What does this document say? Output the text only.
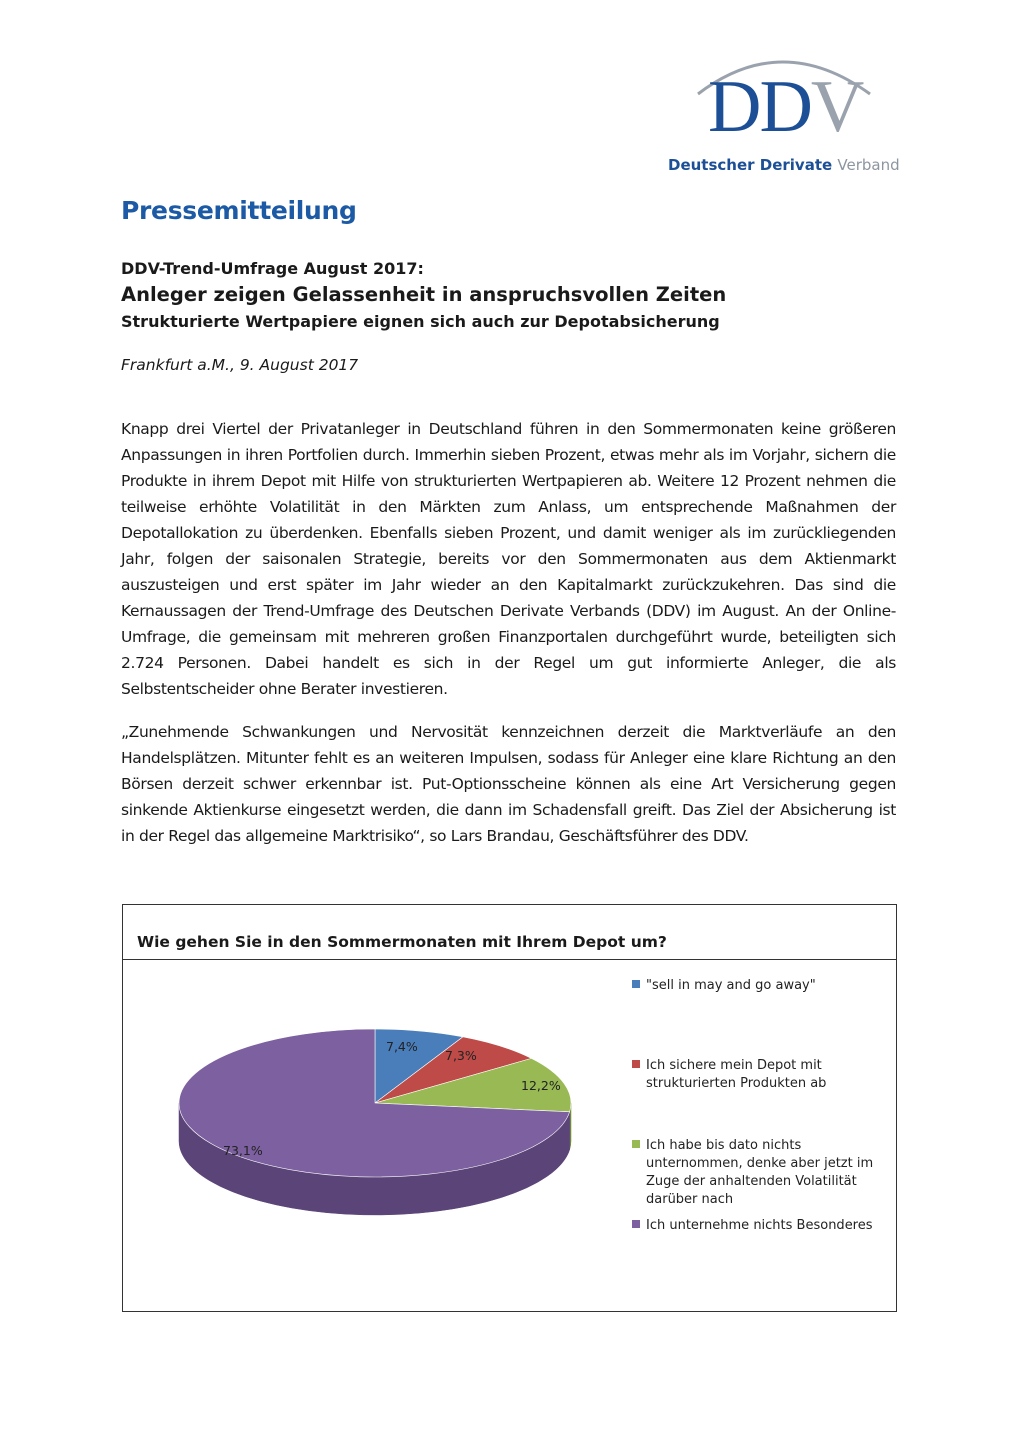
DDV
Deutscher Derivate Verband
Pressemitteilung
DDV-Trend-Umfrage August 2017:
Anleger zeigen Gelassenheit in anspruchsvollen Zeiten
Strukturierte Wertpapiere eignen sich auch zur Depotabsicherung
Frankfurt a.M., 9. August 2017

Knapp drei Viertel der Privatanleger in Deutschland führen in den Sommermonaten keine größeren Anpassungen in ihren Portfolien durch. Immerhin sieben Prozent, etwas mehr als im Vorjahr, sichern die Produkte in ihrem Depot mit Hilfe von strukturierten Wertpapieren ab. Weitere 12 Prozent nehmen die teilweise erhöhte Volatilität in den Märkten zum Anlass, um entsprechende Maßnahmen der Depotallokation zu überdenken. Ebenfalls sieben Prozent, und damit weniger als im zurückliegenden Jahr, folgen der saisonalen Strategie, bereits vor den Sommermonaten aus dem Aktienmarkt auszusteigen und erst später im Jahr wieder an den Kapitalmarkt zurückzukehren. Das sind die Kernaussagen der Trend-Umfrage des Deutschen Derivate Verbands (DDV) im August. An der Online-Umfrage, die gemeinsam mit mehreren großen Finanzportalen durchgeführt wurde, beteiligten sich 2.724 Personen. Dabei handelt es sich in der Regel um gut informierte Anleger, die als Selbstentscheider ohne Berater investieren.

„Zunehmende Schwankungen und Nervosität kennzeichnen derzeit die Marktverläufe an den Handelsplätzen. Mitunter fehlt es an weiteren Impulsen, sodass für Anleger eine klare Richtung an den Börsen derzeit schwer erkennbar ist. Put-Optionsscheine können als eine Art Versicherung gegen sinkende Aktienkurse eingesetzt werden, die dann im Schadensfall greift. Das Ziel der Absicherung ist in der Regel das allgemeine Marktrisiko“, so Lars Brandau, Geschäftsführer des DDV.

Wie gehen Sie in den Sommermonaten mit Ihrem Depot um?
7,4%
7,3%
12,2%
73,1%
"sell in may and go away"
Ich sichere mein Depot mit
strukturierten Produkten ab
Ich habe bis dato nichts
unternommen, denke aber jetzt im
Zuge der anhaltenden Volatilität
darüber nach
Ich unternehme nichts Besonderes
